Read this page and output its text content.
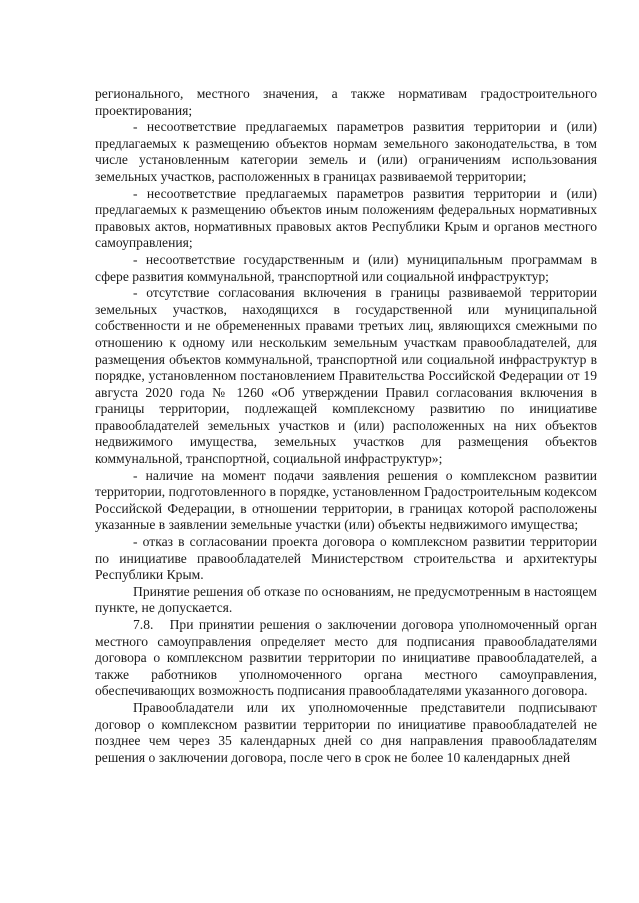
регионального, местного значения, а также нормативам градостроительного проектирования;

- несоответствие предлагаемых параметров развития территории и (или) предлагаемых к размещению объектов нормам земельного законодательства, в том числе установленным категории земель и (или) ограничениям использования земельных участков, расположенных в границах развиваемой территории;

- несоответствие предлагаемых параметров развития территории и (или) предлагаемых к размещению объектов иным положениям федеральных нормативных правовых актов, нормативных правовых актов Республики Крым и органов местного самоуправления;

- несоответствие государственным и (или) муниципальным программам в сфере развития коммунальной, транспортной или социальной инфраструктур;

- отсутствие согласования включения в границы развиваемой территории земельных участков, находящихся в государственной или муниципальной собственности и не обремененных правами третьих лиц, являющихся смежными по отношению к одному или нескольким земельным участкам правообладателей, для размещения объектов коммунальной, транспортной или социальной инфраструктур в порядке, установленном постановлением Правительства Российской Федерации от 19 августа 2020 года № 1260 «Об утверждении Правил согласования включения в границы территории, подлежащей комплексному развитию по инициативе правообладателей земельных участков и (или) расположенных на них объектов недвижимого имущества, земельных участков для размещения объектов коммунальной, транспортной, социальной инфраструктур»;

- наличие на момент подачи заявления решения о комплексном развитии территории, подготовленного в порядке, установленном Градостроительным кодексом Российской Федерации, в отношении территории, в границах которой расположены указанные в заявлении земельные участки (или) объекты недвижимого имущества;

- отказ в согласовании проекта договора о комплексном развитии территории по инициативе правообладателей Министерством строительства и архитектуры Республики Крым.

Принятие решения об отказе по основаниям, не предусмотренным в настоящем пункте, не допускается.

7.8.   При принятии решения о заключении договора уполномоченный орган местного самоуправления определяет место для подписания правообладателями договора о комплексном развитии территории по инициативе правообладателей, а также работников уполномоченного органа местного самоуправления, обеспечивающих возможность подписания правообладателями указанного договора.

Правообладатели или их уполномоченные представители подписывают договор о комплексном развитии территории по инициативе правообладателей не позднее чем через 35 календарных дней со дня направления правообладателям решения о заключении договора, после чего в срок не более 10 календарных дней
